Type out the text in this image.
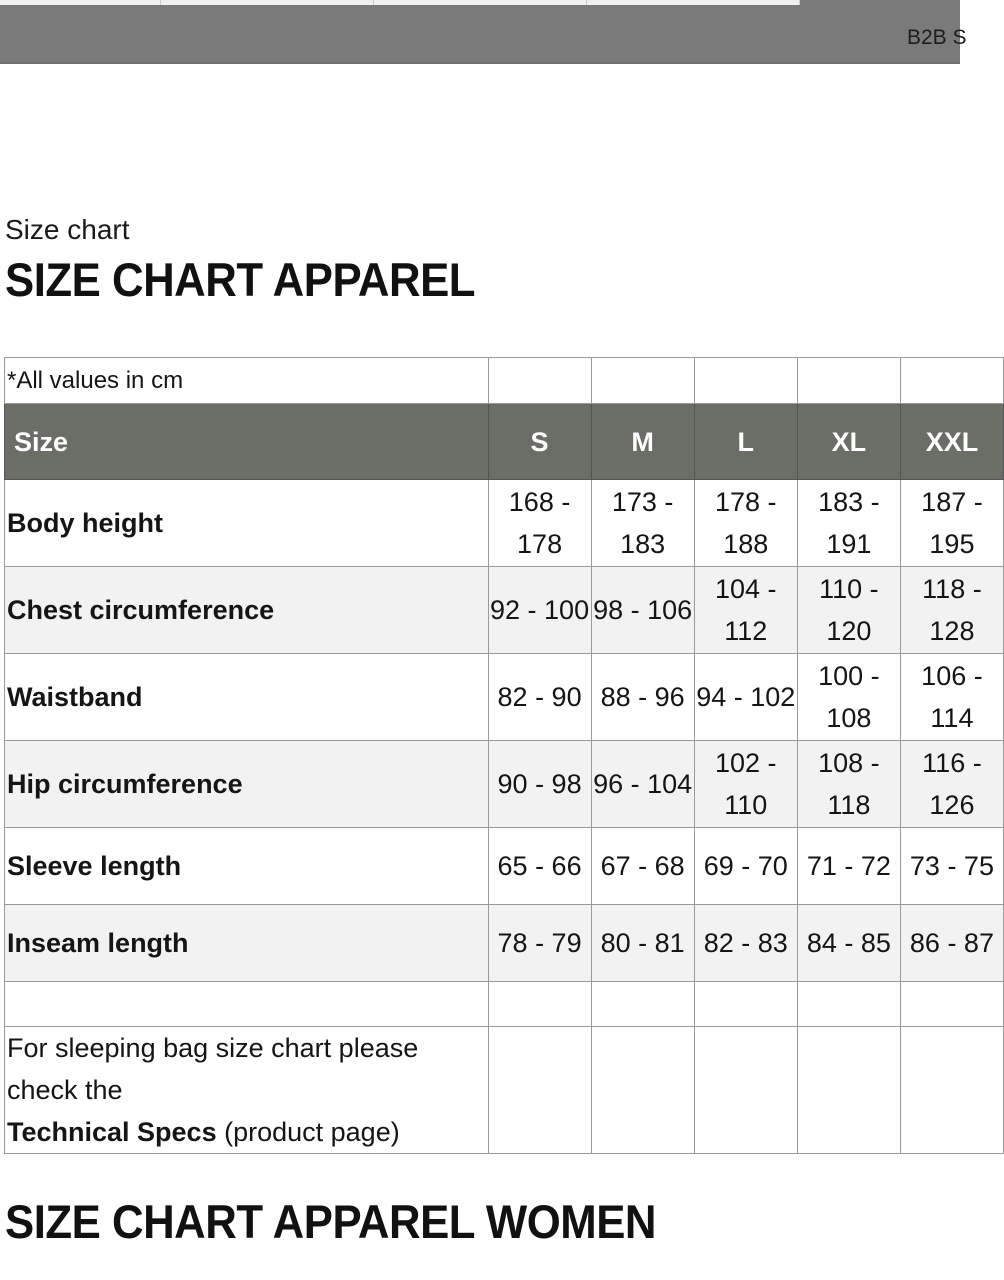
B2B S
Size chart
SIZE CHART APPAREL
*All values in cm					
Size	S	M	L	XL	XXL
Body height	168 - 178	173 - 183	178 - 188	183 - 191	187 - 195
Chest circumference	92 - 100	98 - 106	104 - 112	110 - 120	118 - 128
Waistband	82 - 90	88 - 96	94 - 102	100 - 108	106 - 114
Hip circumference	90 - 98	96 - 104	102 - 110	108 - 118	116 - 126
Sleeve length	65 - 66	67 - 68	69 - 70	71 - 72	73 - 75
Inseam length	78 - 79	80 - 81	82 - 83	84 - 85	86 - 87

For sleeping bag size chart please check the
Technical Specs (product page)					
SIZE CHART APPAREL WOMEN
